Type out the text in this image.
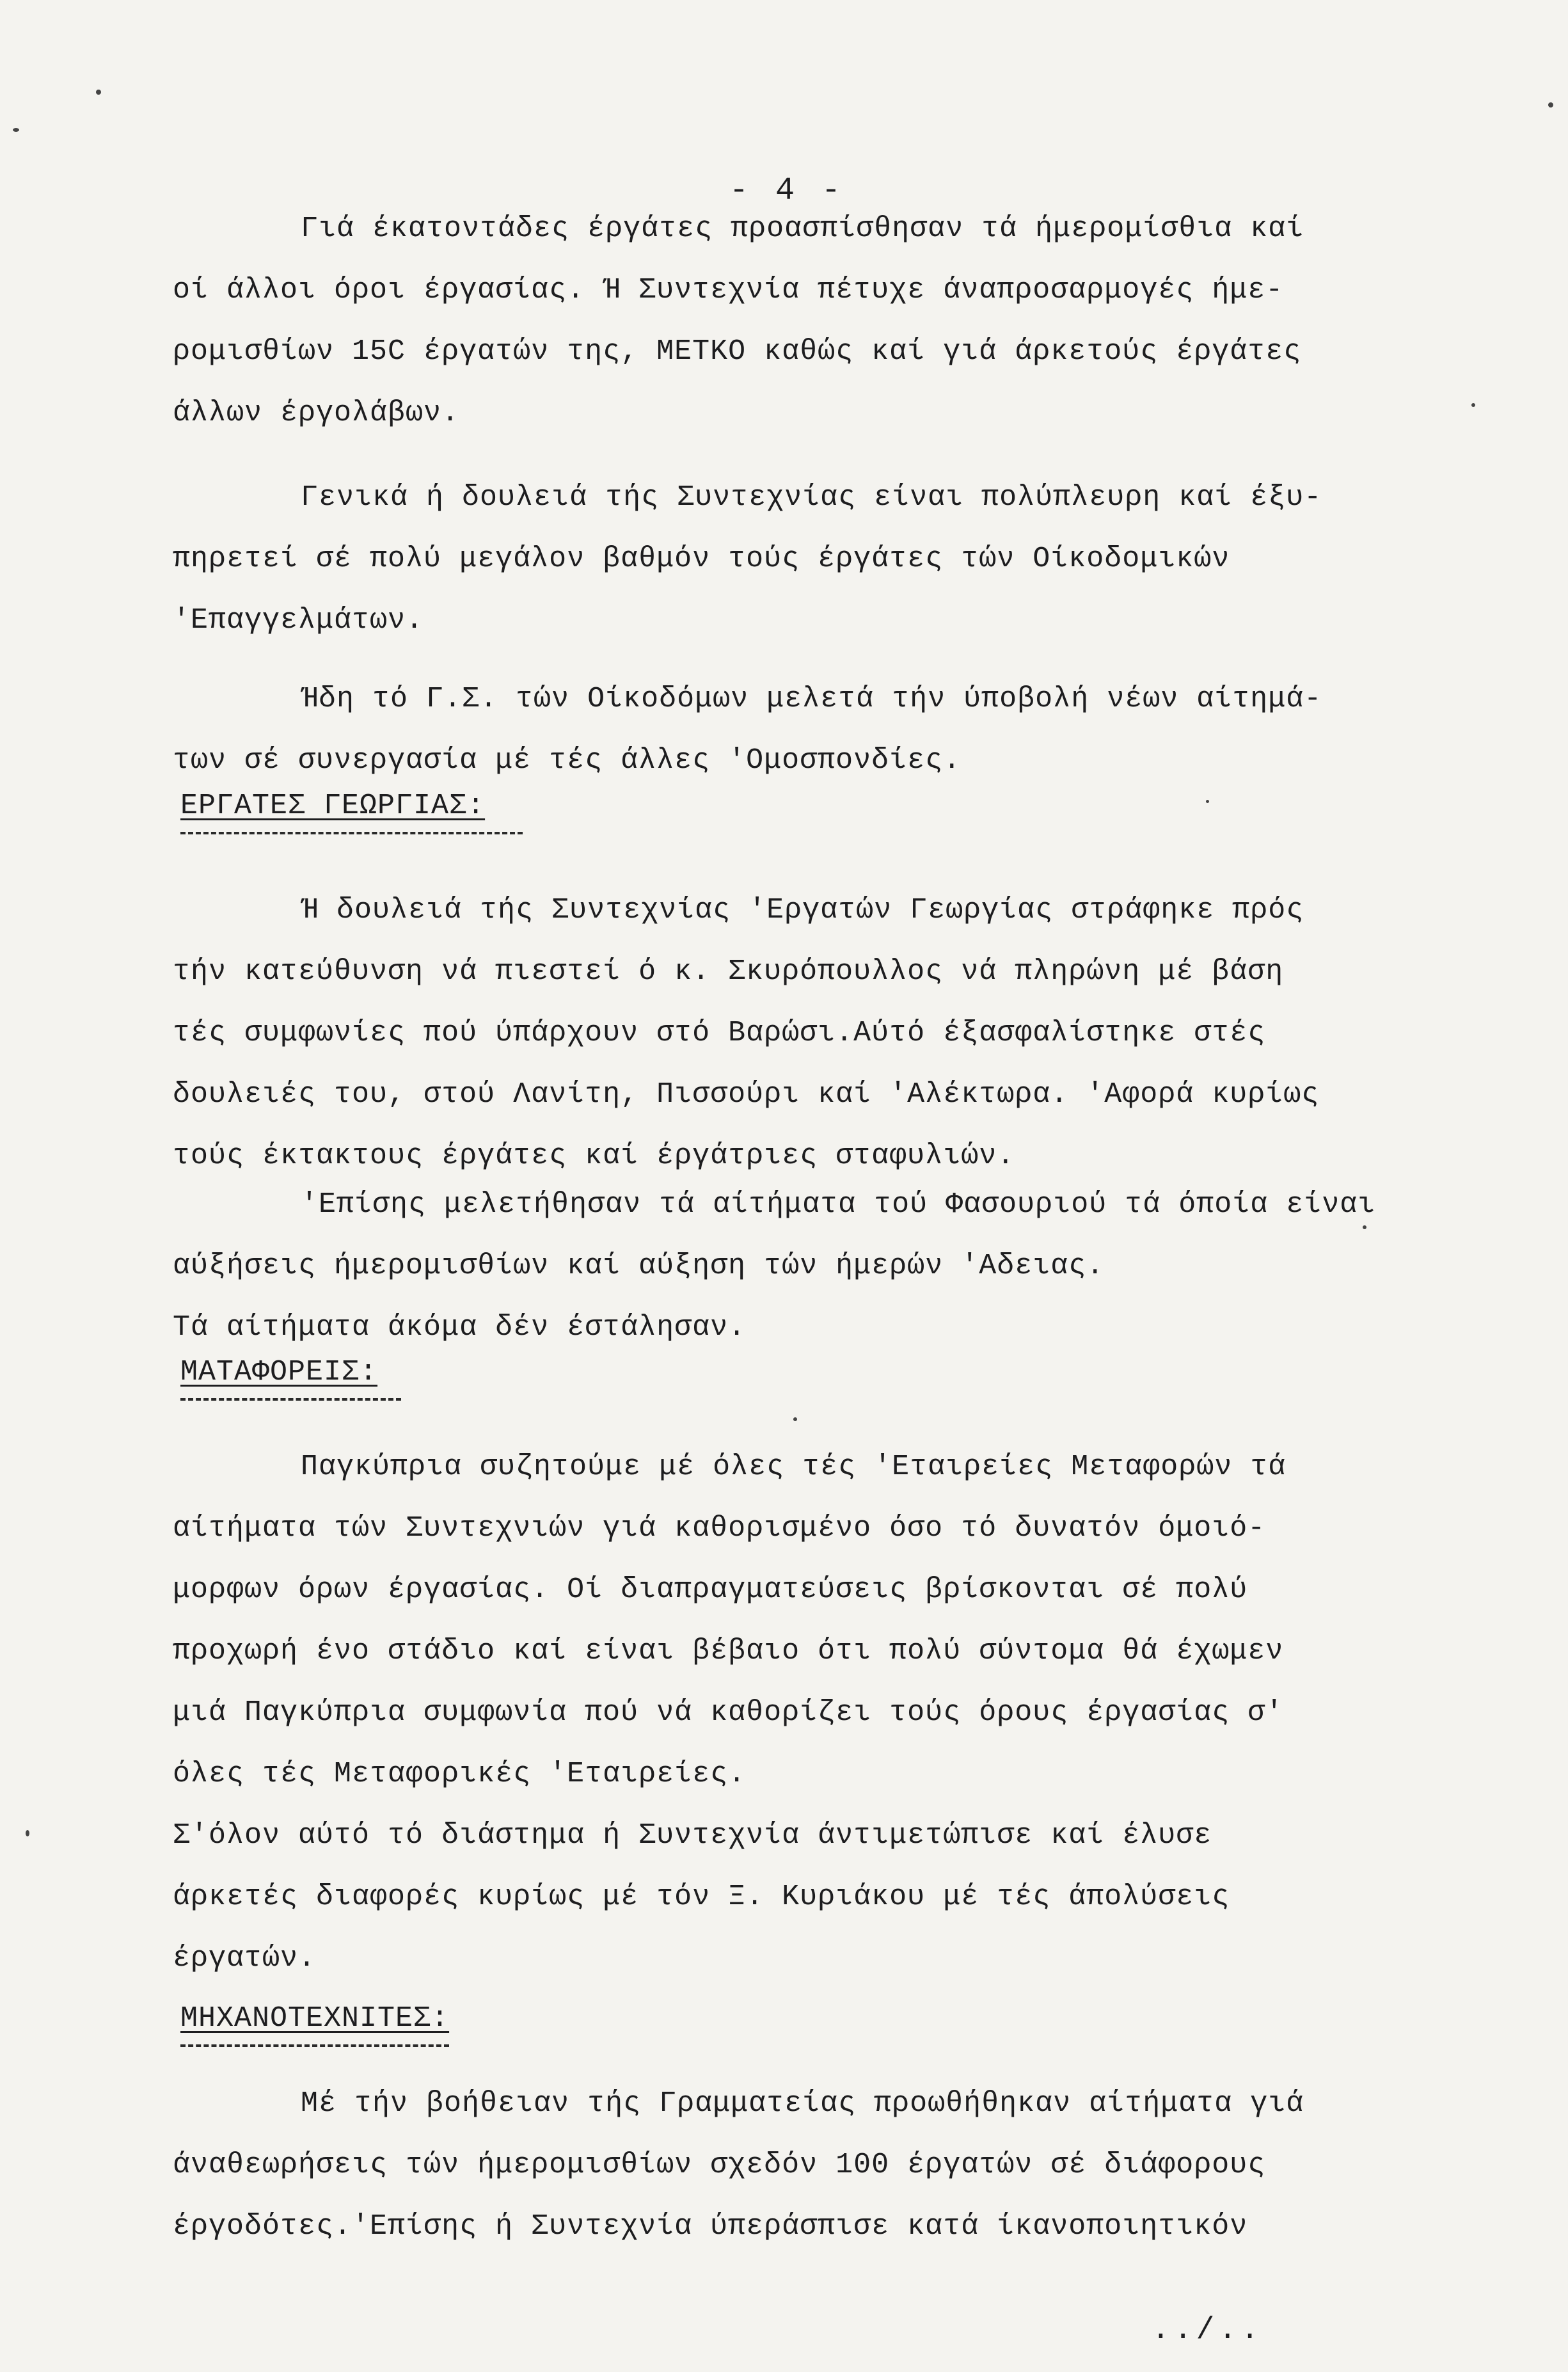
- 4 -
Γιά έκατοντάδες έργάτες προασπίσθησαν τά ήμερομίσθια καί
οί άλλοι όροι έργασίας. Ή Συντεχνία πέτυχε άναπροσαρμογές ήμε-
ρομισθίων 15C έργατών της, ΜΕΤΚΟ καθώς καί γιά άρκετούς έργάτες
άλλων έργολάβων.
Γενικά ή δουλειά τής Συντεχνίας είναι πολύπλευρη καί έξυ-
πηρετεί σέ πολύ μεγάλον βαθμόν τούς έργάτες τών Οίκοδομικών
'Επαγγελμάτων.
Ήδη τό Γ.Σ. τών Οίκοδόμων μελετά τήν ύποβολή νέων αίτημά-
των σέ συνεργασία μέ τές άλλες 'Ομοσπονδίες.
ΕΡΓΑΤΕΣ ΓΕΩΡΓΙΑΣ:
Ή δουλειά τής Συντεχνίας 'Εργατών Γεωργίας στράφηκε πρός
τήν κατεύθυνση νά πιεστεί ό κ. Σκυρόπουλλος νά πληρώνη μέ βάση
τές συμφωνίες πού ύπάρχουν στό Βαρώσι.Αύτό έξασφαλίστηκε στές
δουλειές του, στού Λανίτη, Πισσούρι καί 'Αλέκτωρα. 'Αφορά κυρίως
τούς έκτακτους έργάτες καί έργάτριες σταφυλιών.
'Επίσης μελετήθησαν τά αίτήματα τού Φασουριού τά όποία είναι
αύξήσεις ήμερομισθίων καί αύξηση τών ήμερών 'Αδειας.
Τά αίτήματα άκόμα δέν έστάλησαν.
ΜΑΤΑΦΟΡΕΙΣ:
Παγκύπρια συζητούμε μέ όλες τές 'Εταιρείες Μεταφορών τά
αίτήματα τών Συντεχνιών γιά καθορισμένο όσο τό δυνατόν όμοιό-
μορφων όρων έργασίας. Οί διαπραγματεύσεις βρίσκονται σέ πολύ
προχωρή ένο στάδιο καί είναι βέβαιο ότι πολύ σύντομα θά έχωμεν
μιά Παγκύπρια συμφωνία πού νά καθορίζει τούς όρους έργασίας σ'
όλες τές Μεταφορικές 'Εταιρείες.
Σ'όλον αύτό τό διάστημα ή Συντεχνία άντιμετώπισε καί έλυσε
άρκετές διαφορές κυρίως μέ τόν Ξ. Κυριάκου μέ τές άπολύσεις
έργατών.
ΜΗΧΑΝΟΤΕΧΝΙΤΕΣ:
Μέ τήν βοήθειαν τής Γραμματείας προωθήθηκαν αίτήματα γιά
άναθεωρήσεις τών ήμερομισθίων σχεδόν 100 έργατών σέ διάφορους
έργοδότες.'Επίσης ή Συντεχνία ύπεράσπισε κατά ίκανοποιητικόν
../..
